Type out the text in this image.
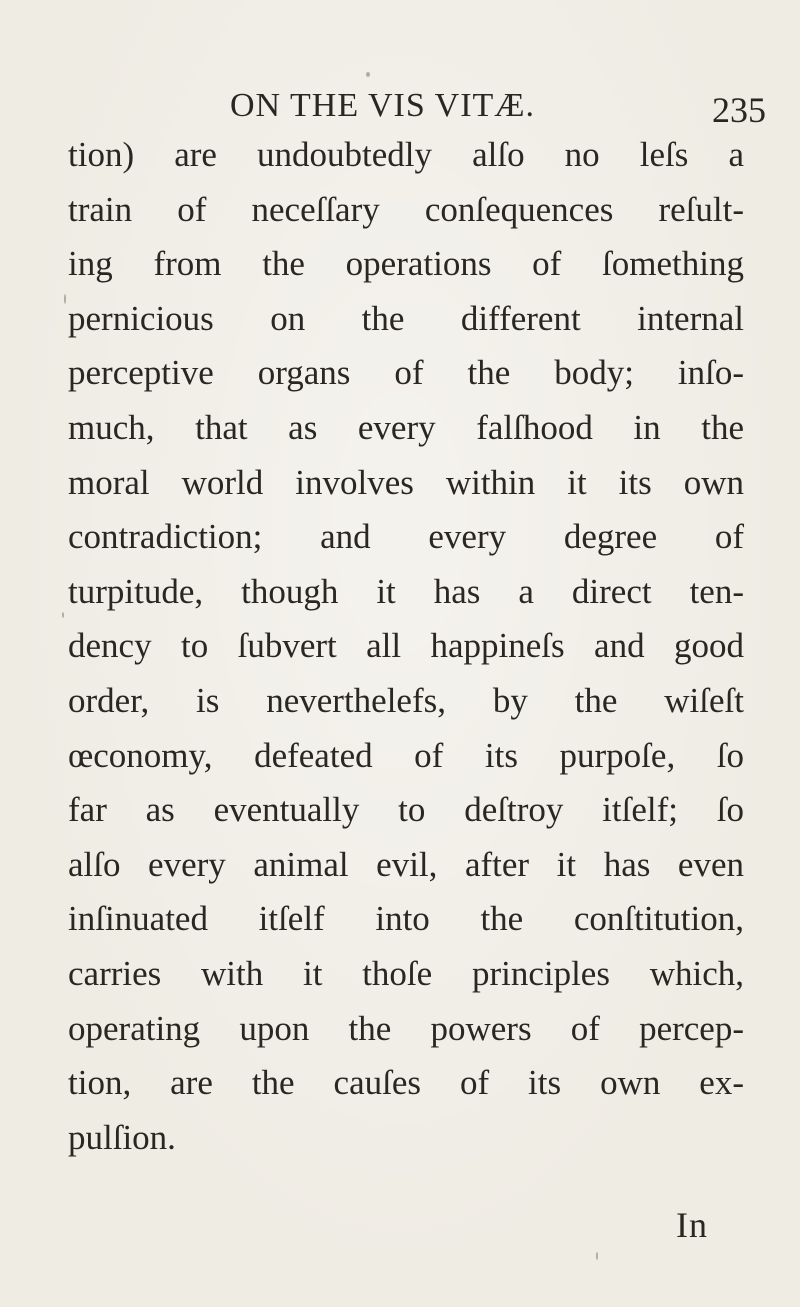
ON THE VIS VITÆ.	235
tion) are undoubtedly alſo no leſs a
train of neceſſary conſequences reſult-
ing from the operations of ſomething
pernicious on the different internal
perceptive organs of the body; inſo-
much, that as every falſhood in the
moral world involves within it its own
contradiction; and every degree of
turpitude, though it has a direct ten-
dency to ſubvert all happineſs and good
order, is neverthelefs, by the wiſeſt
œconomy, defeated of its purpoſe, ſo
far as eventually to deſtroy itſelf; ſo
alſo every animal evil, after it has even
inſinuated itſelf into the conſtitution,
carries with it thoſe principles which,
operating upon the powers of percep-
tion, are the cauſes of its own ex-
pulſion.
In
